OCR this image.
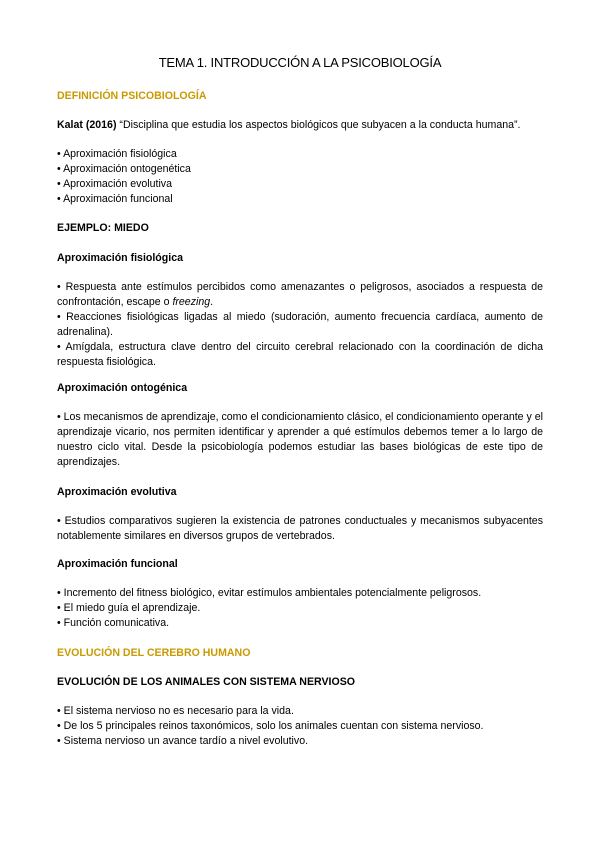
TEMA 1. INTRODUCCIÓN A LA PSICOBIOLOGÍA
DEFINICIÓN PSICOBIOLOGÍA
Kalat (2016) “Disciplina que estudia los aspectos biológicos que subyacen a la conducta humana”.
• Aproximación fisiológica
• Aproximación ontogenética
• Aproximación evolutiva
• Aproximación funcional
EJEMPLO: MIEDO
Aproximación fisiológica

• Respuesta ante estímulos percibidos como amenazantes o peligrosos, asociados a respuesta de confrontación, escape o freezing.

• Reacciones fisiológicas ligadas al miedo (sudoración, aumento frecuencia cardíaca, aumento de adrenalina).

• Amígdala, estructura clave dentro del circuito cerebral relacionado con la coordinación de dicha respuesta fisiológica.

Aproximación ontogénica

• Los mecanismos de aprendizaje, como el condicionamiento clásico, el condicionamiento operante y el aprendizaje vicario, nos permiten identificar y aprender a qué estímulos debemos temer a lo largo de nuestro ciclo vital. Desde la psicobiología podemos estudiar las bases biológicas de este tipo de aprendizajes.

Aproximación evolutiva

• Estudios comparativos sugieren la existencia de patrones conductuales y mecanismos subyacentes notablemente similares en diversos grupos de vertebrados.

Aproximación funcional
• Incremento del fitness biológico, evitar estímulos ambientales potencialmente peligrosos.
• El miedo guía el aprendizaje.
• Función comunicativa.
EVOLUCIÓN DEL CEREBRO HUMANO
EVOLUCIÓN DE LOS ANIMALES CON SISTEMA NERVIOSO
• El sistema nervioso no es necesario para la vida.
• De los 5 principales reinos taxonómicos, solo los animales cuentan con sistema nervioso.
• Sistema nervioso un avance tardío a nivel evolutivo.
